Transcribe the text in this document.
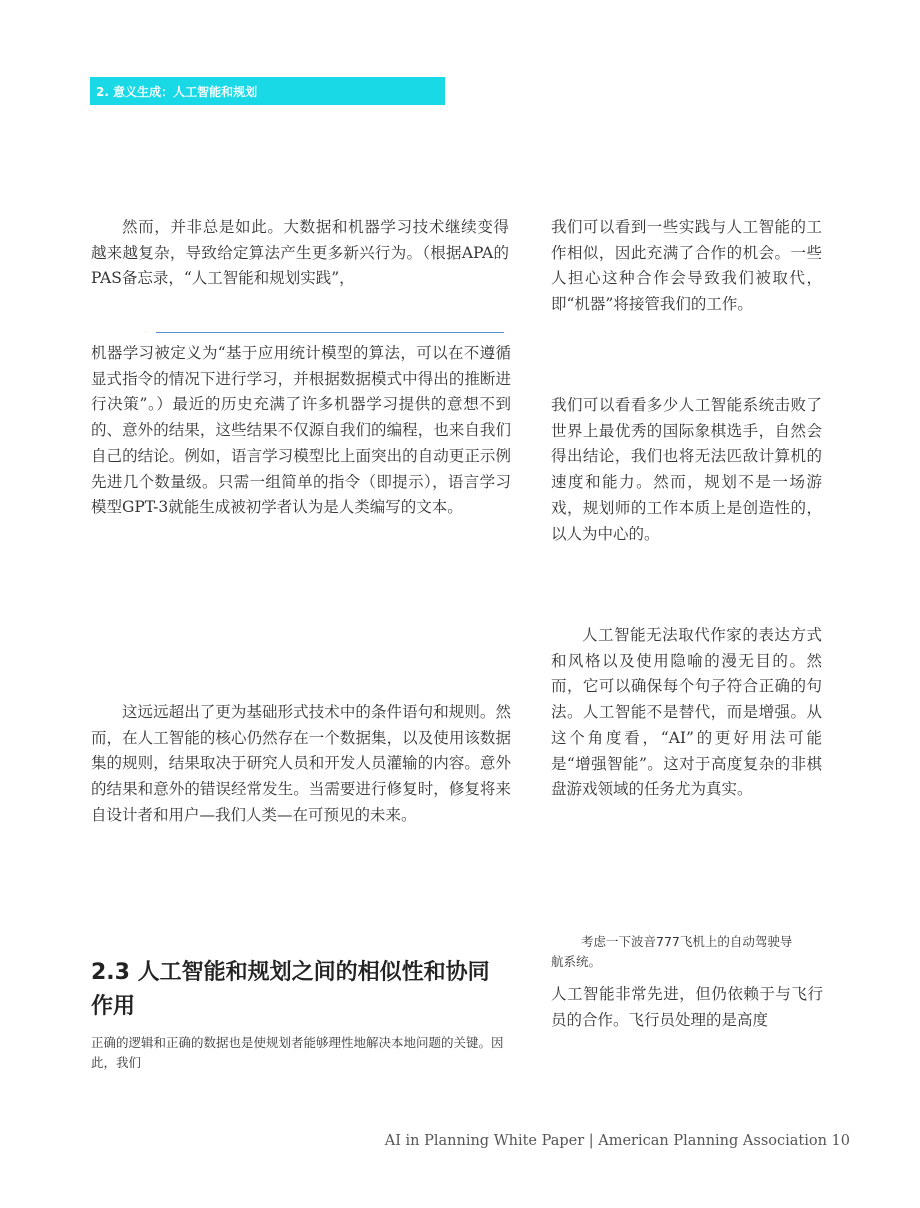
2. 意义生成：人工智能和规划

然而，并非总是如此。大数据和机器学习技术继续变得越来越复杂，导致给定算法产生更多新兴行为。（根据APA的PAS备忘录，“人工智能和规划实践”，

机器学习被定义为“基于应用统计模型的算法，可以在不遵循显式指令的情况下进行学习，并根据数据模式中得出的推断进行决策”。）最近的历史充满了许多机器学习提供的意想不到的、意外的结果，这些结果不仅源自我们的编程，也来自我们自己的结论。例如，语言学习模型比上面突出的自动更正示例先进几个数量级。只需一组简单的指令（即提示），语言学习模型GPT-3就能生成被初学者认为是人类编写的文本。

这远远超出了更为基础形式技术中的条件语句和规则。然而，在人工智能的核心仍然存在一个数据集，以及使用该数据集的规则，结果取决于研究人员和开发人员灌输的内容。意外的结果和意外的错误经常发生。当需要进行修复时，修复将来自设计者和用户—我们人类—在可预见的未来。

2.3 人工智能和规划之间的相似性和协同作用

正确的逻辑和正确的数据也是使规划者能够理性地解决本地问题的关键。因此，我们

我们可以看到一些实践与人工智能的工作相似，因此充满了合作的机会。一些人担心这种合作会导致我们被取代，即“机器”将接管我们的工作。

我们可以看看多少人工智能系统击败了世界上最优秀的国际象棋选手，自然会得出结论，我们也将无法匹敌计算机的速度和能力。然而，规划不是一场游戏，规划师的工作本质上是创造性的，以人为中心的。

人工智能无法取代作家的表达方式和风格以及使用隐喻的漫无目的。然而，它可以确保每个句子符合正确的句法。人工智能不是替代，而是增强。从这个角度看，“AI”的更好用法可能是“增强智能”。这对于高度复杂的非棋盘游戏领域的任务尤为真实。

考虑一下波音777飞机上的自动驾驶导航系统。

人工智能非常先进，但仍依赖于与飞行员的合作。飞行员处理的是高度

AI in Planning White Paper | American Planning Association 10
